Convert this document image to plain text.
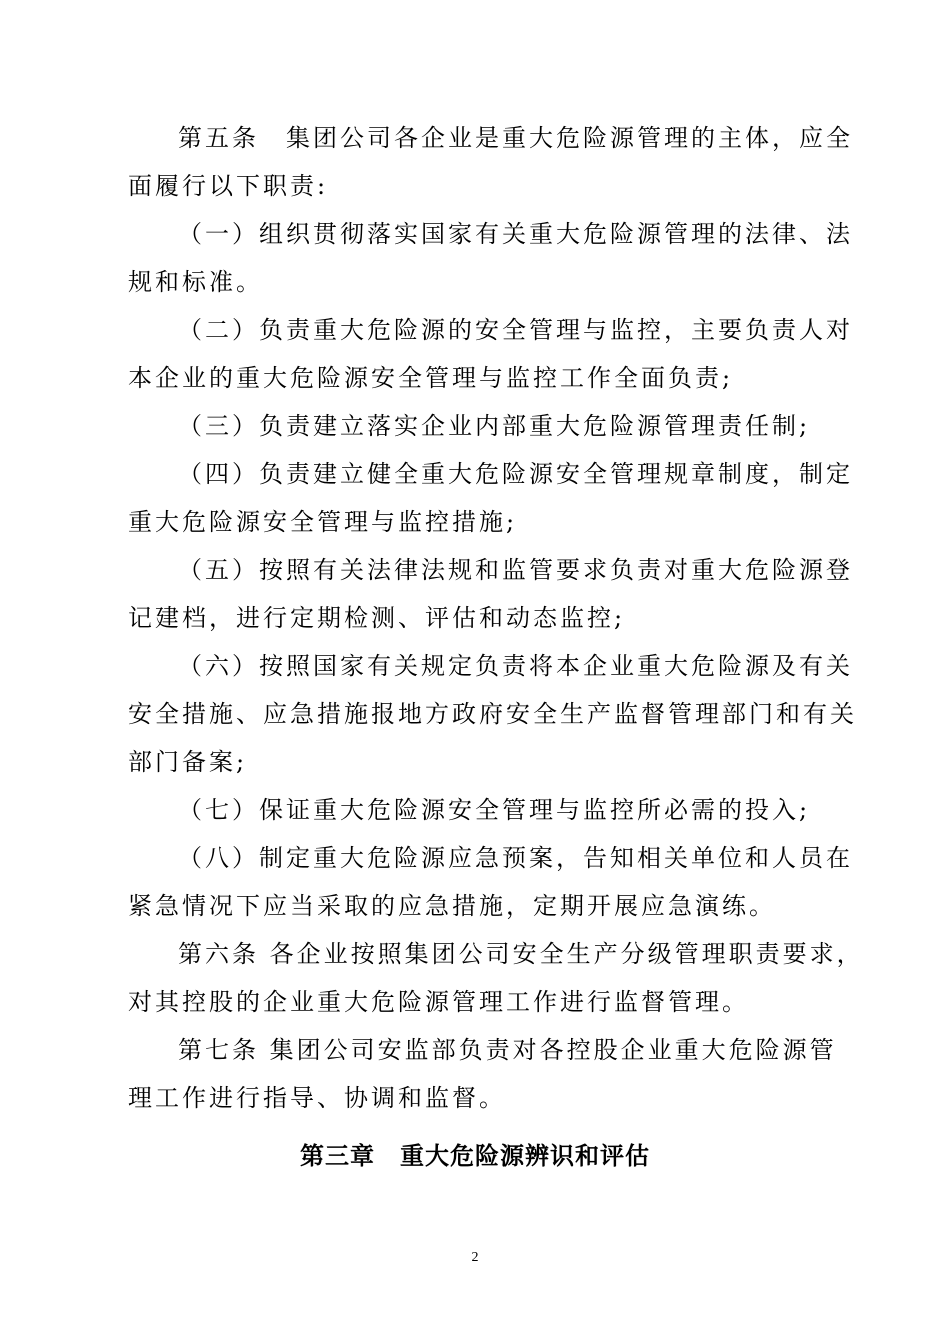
第五条　集团公司各企业是重大危险源管理的主体，应全
面履行以下职责:
（一）组织贯彻落实国家有关重大危险源管理的法律、法
规和标准。
（二）负责重大危险源的安全管理与监控，主要负责人对
本企业的重大危险源安全管理与监控工作全面负责;
（三）负责建立落实企业内部重大危险源管理责任制;
（四）负责建立健全重大危险源安全管理规章制度，制定
重大危险源安全管理与监控措施;
（五）按照有关法律法规和监管要求负责对重大危险源登
记建档，进行定期检测、评估和动态监控;
（六）按照国家有关规定负责将本企业重大危险源及有关
安全措施、应急措施报地方政府安全生产监督管理部门和有关
部门备案;
（七）保证重大危险源安全管理与监控所必需的投入;
（八）制定重大危险源应急预案，告知相关单位和人员在
紧急情况下应当采取的应急措施，定期开展应急演练。
第六条 各企业按照集团公司安全生产分级管理职责要求，
对其控股的企业重大危险源管理工作进行监督管理。
第七条 集团公司安监部负责对各控股企业重大危险源管
理工作进行指导、协调和监督。
第三章　重大危险源辨识和评估
2
